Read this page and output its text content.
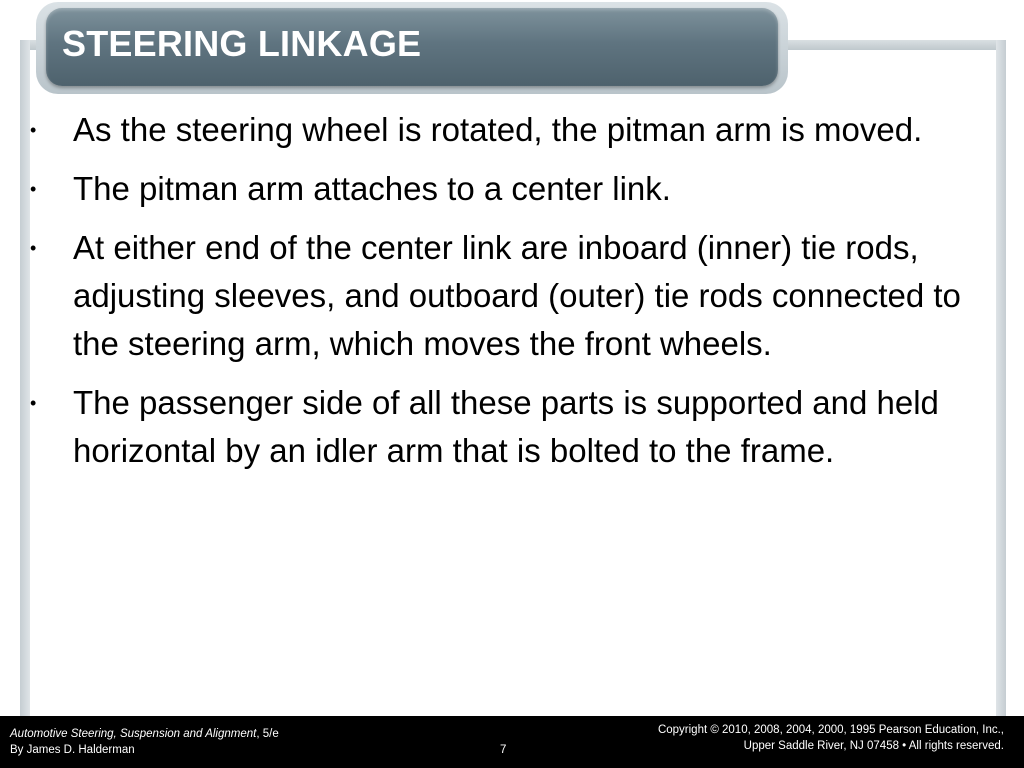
STEERING LINKAGE
• As the steering wheel is rotated, the pitman arm is moved.
• The pitman arm attaches to a center link.
• At either end of the center link are inboard (inner) tie rods, adjusting sleeves, and outboard (outer) tie rods connected to the steering arm, which moves the front wheels.
• The passenger side of all these parts is supported and held horizontal by an idler arm that is bolted to the frame.
Automotive Steering, Suspension and Alignment, 5/e
By James D. Halderman	7
Copyright © 2010, 2008, 2004, 2000, 1995 Pearson Education, Inc.,
Upper Saddle River, NJ 07458 • All rights reserved.
